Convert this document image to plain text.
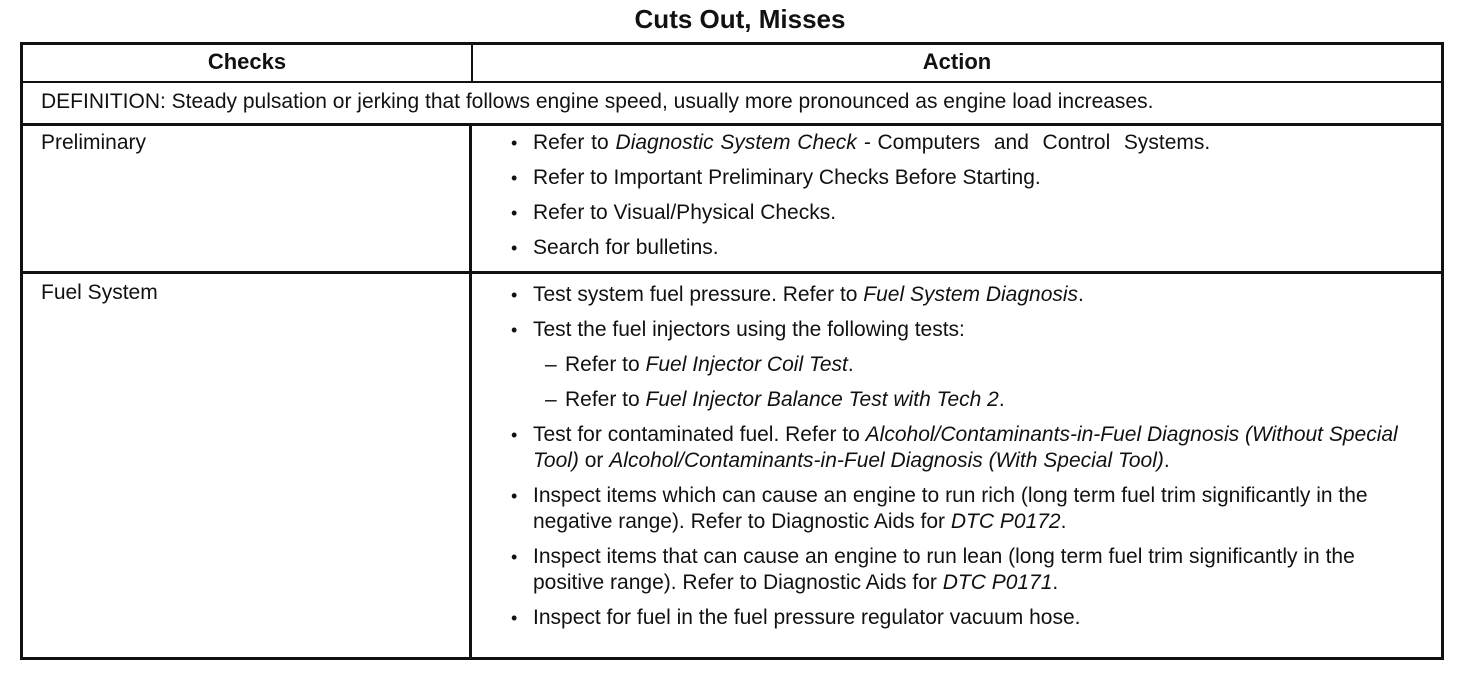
Cuts Out, Misses
Checks	Action
DEFINITION: Steady pulsation or jerking that follows engine speed, usually more pronounced as engine load increases.
Preliminary	• Refer to Diagnostic System Check - Computers  and  Control  Systems.
• Refer to Important Preliminary Checks Before Starting.
• Refer to Visual/Physical Checks.
• Search for bulletins.
Fuel System	• Test system fuel pressure. Refer to Fuel System Diagnosis.
• Test the fuel injectors using the following tests:
– Refer to Fuel Injector Coil Test.
– Refer to Fuel Injector Balance Test with Tech 2.
• Test for contaminated fuel. Refer to Alcohol/Contaminants-in-Fuel Diagnosis (Without Special Tool) or Alcohol/Contaminants-in-Fuel Diagnosis (With Special Tool).
• Inspect items which can cause an engine to run rich (long term fuel trim significantly in the negative range). Refer to Diagnostic Aids for DTC P0172.
• Inspect items that can cause an engine to run lean (long term fuel trim significantly in the positive range). Refer to Diagnostic Aids for DTC P0171.
• Inspect for fuel in the fuel pressure regulator vacuum hose.
